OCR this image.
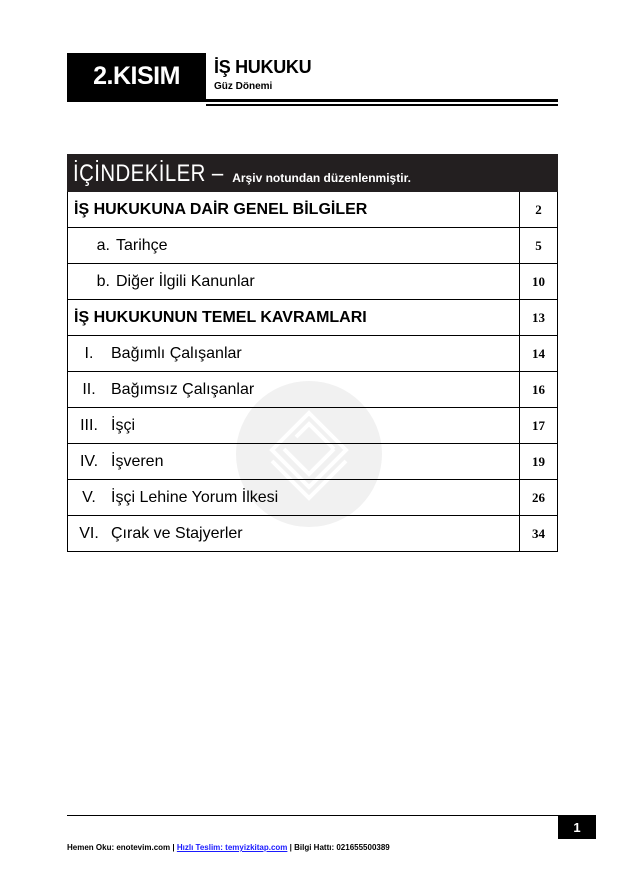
2.KISIM	İŞ HUKUKU
Güz Dönemi
İÇİNDEKİLER – Arşiv notundan düzenlenmiştir.
İŞ HUKUKUNA DAİR GENEL BİLGİLER	2
a. Tarihçe	5
b. Diğer İlgili Kanunlar	10
İŞ HUKUKUNUN TEMEL KAVRAMLARI	13
I.	Bağımlı Çalışanlar	14
II. Bağımsız Çalışanlar	16
III. İşçi	17
IV. İşveren	19
V. İşçi Lehine Yorum İlkesi	26
VI. Çırak ve Stajyerler	34
1
Hemen Oku: enotevim.com | Hızlı Teslim: temyizkitap.com | Bilgi Hattı: 021655500389
